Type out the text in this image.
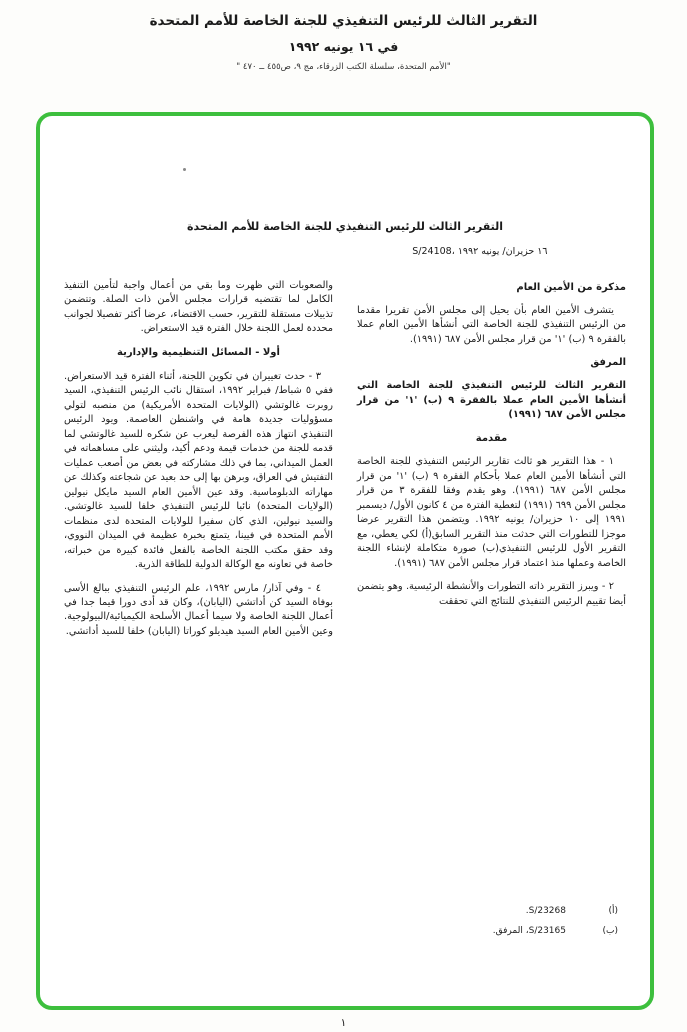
التقرير الثالث للرئيس التنفيذي للجنة الخاصة للأمم المتحدة
في ١٦ يونيه ١٩٩٢
"الأمم المتحدة، سلسلة الكتب الزرقاء، مج ٩، ص٤٥٥ ــ ٤٧٠ "
التقرير الثالث للرئيس التنفيذي للجنة الخاصة للأمم المتحدة
S/24108، ١٦ حزيران/ يونيه ١٩٩٢
مذكرة من الأمين العام

يتشرف الأمين العام بأن يحيل إلى مجلس الأمن تقريرا مقدما من الرئيس التنفيذي للجنة الخاصة التي أنشأها الأمين العام عملا بالفقرة ٩ (ب) '١' من قرار مجلس الأمن ٦٨٧ (١٩٩١).

المرفق

التقرير الثالث للرئيس التنفيذي للجنة الخاصة التي أنشأها الأمين العام عملا بالفقرة ٩ (ب) '١' من قرار مجلس الأمن ٦٨٧ (١٩٩١)

مقدمة

١ - هذا التقرير هو ثالث تقارير الرئيس التنفيذي للجنة الخاصة التي أنشأها الأمين العام عملا بأحكام الفقرة ٩ (ب) '١' من قرار مجلس الأمن ٦٨٧ (١٩٩١). وهو يقدم وفقا للفقرة ٣ من قرار مجلس الأمن ٦٩٩ (١٩٩١) لتغطية الفترة من ٤ كانون الأول/ ديسمبر ١٩٩١ إلى ١٠ حزيران/ يونيه ١٩٩٢. ويتضمن هذا التقرير عرضا موجزا للتطورات التي حدثت منذ التقرير السابق(أ) لكي يعطي، مع التقرير الأول للرئيس التنفيذي(ب) صورة متكاملة لإنشاء اللجنة الخاصة وعملها منذ اعتماد قرار مجلس الأمن ٦٨٧ (١٩٩١).

٢ - ويبرز التقرير ذاته التطورات والأنشطة الرئيسية. وهو يتضمن أيضا تقييم الرئيس التنفيذي للنتائج التي تحققت

والصعوبات التي ظهرت وما بقي من أعمال واجبة لتأمين التنفيذ الكامل لما تقتضيه قرارات مجلس الأمن ذات الصلة. وتتضمن تذييلات مستقلة للتقرير، حسب الاقتضاء، عرضا أكثر تفصيلا لجوانب محددة لعمل اللجنة خلال الفترة قيد الاستعراض.

أولا - المسائل التنظيمية والإدارية

٣ - حدث تغييران في تكوين اللجنة، أثناء الفترة قيد الاستعراض. ففي ٥ شباط/ فبراير ١٩٩٢، استقال نائب الرئيس التنفيذي، السيد روبرت غالوتشي (الولايات المتحدة الأمريكية) من منصبه لتولي مسؤوليات جديدة هامة في واشنطن العاصمة. ويود الرئيس التنفيذي انتهاز هذه الفرصة ليعرب عن شكره للسيد غالوتشي لما قدمه للجنة من خدمات قيمة ودعم أكيد، وليثني على مساهماته في العمل الميداني، بما في ذلك مشاركته في بعض من أصعب عمليات التفتيش في العراق، وبرهن بها إلى حد بعيد عن شجاعته وكذلك عن مهاراته الدبلوماسية. وقد عين الأمين العام السيد مايكل نيولين (الولايات المتحدة) نائبا للرئيس التنفيذي خلفا للسيد غالوتشي. والسيد نيولين، الذي كان سفيرا للولايات المتحدة لدى منظمات الأمم المتحدة في فيينا، يتمتع بخبرة عظيمة في الميدان النووي، وقد حقق مكتب اللجنة الخاصة بالفعل فائدة كبيرة من خبراته، خاصة في تعاونه مع الوكالة الدولية للطاقة الذرية.

٤ - وفي آذار/ مارس ١٩٩٢، علم الرئيس التنفيذي ببالغ الأسى بوفاة السيد كن أداتشي (اليابان)، وكان قد أدى دورا قيما جدا في أعمال اللجنة الخاصة ولا سيما أعمال الأسلحة الكيميائية/البيولوجية. وعين الأمين العام السيد هيديلو كوراتا (اليابان) خلفا للسيد أداتشي.

(أ)
S/23268.
(ب)
S/23165، المرفق.
١
